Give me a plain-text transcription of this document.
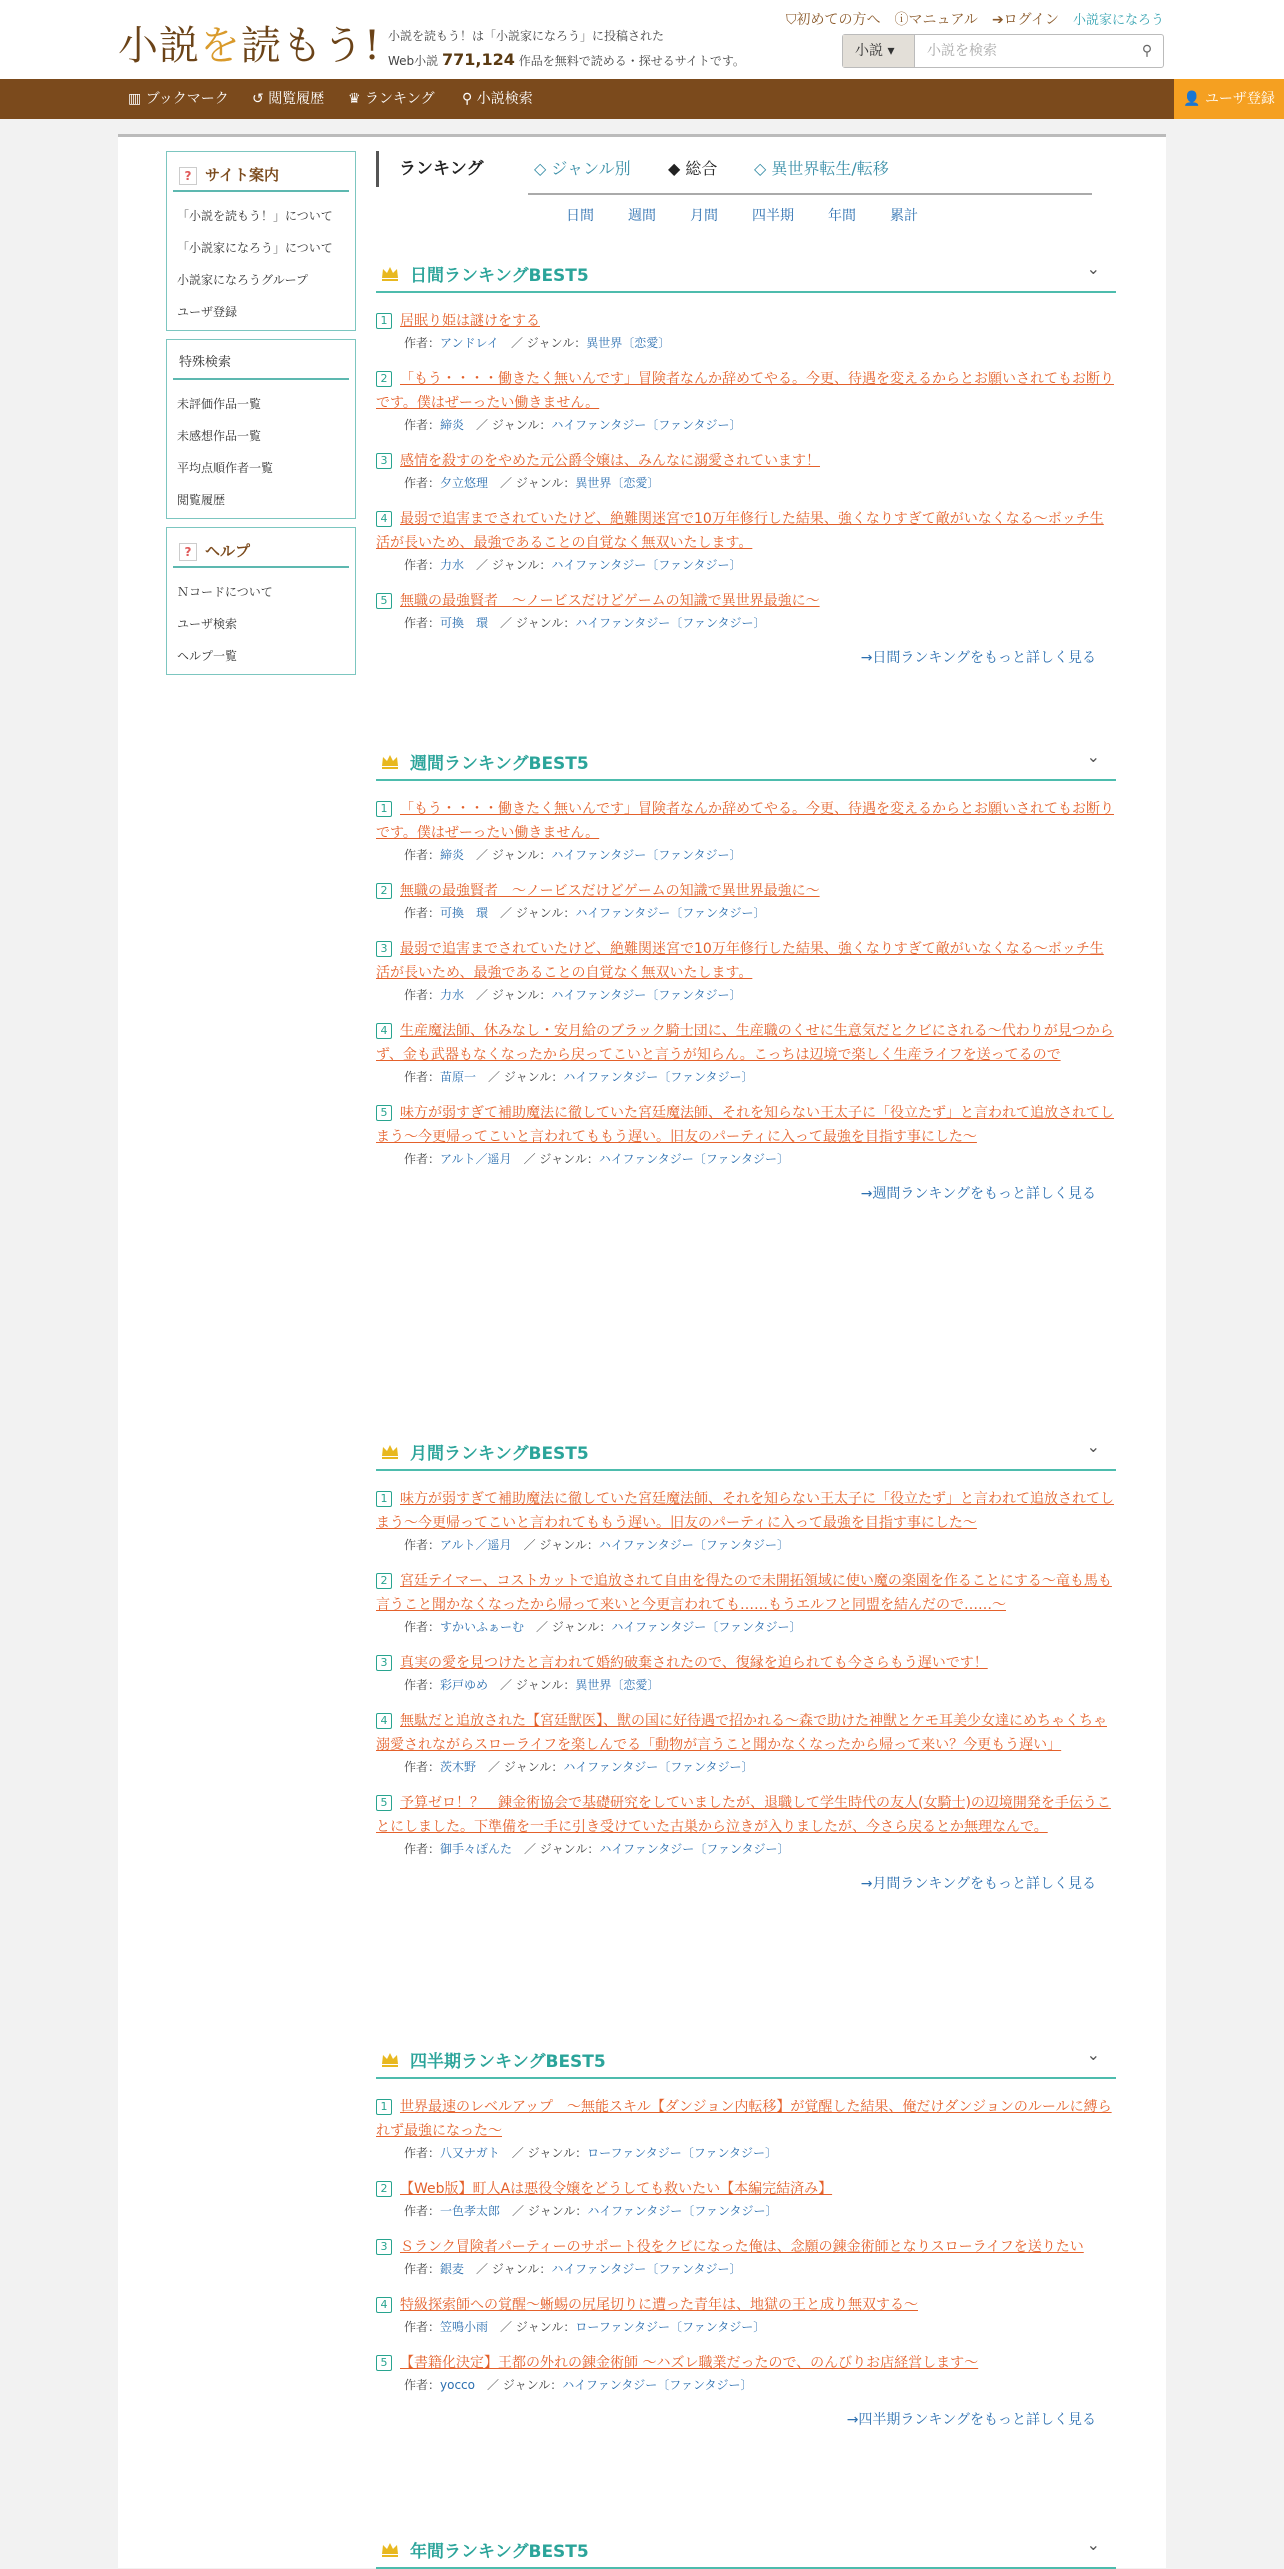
小説を読もう! 小説を読もう！は「小説家になろう」に投稿された
Web小説 771,124 作品を無料で読める・探せるサイトです。
⛉初めての方へ ⓘマニュアル ➔ログイン 小説家になろう
小説 ▾	小説を検索	⚲
▥ ブックマーク ↺ 閲覧履歴 ♛ ランキング ⚲ 小説検索	👤 ユーザ登録
? サイト案内
「小説を読もう！」について
「小説家になろう」について
小説家になろうグループ
ユーザ登録
特殊検索
未評価作品一覧
未感想作品一覧
平均点順作者一覧
閲覧履歴
? ヘルプ
Ｎコードについて
ユーザ検索
ヘルプ一覧
ランキング	◇ ジャンル別 ◆ 総合 ◇ 異世界転生/転移
日間 週間 月間 四半期 年間 累計
日間ランキングBEST5	⌄
1 居眠り姫は謎けをする
作者：アンドレイ　 ／ ジャンル：異世界〔恋愛〕
2 「もう・・・・働きたく無いんです」冒険者なんか辞めてやる。今更、待遇を変えるからとお願いされてもお断りです。僕はぜーったい働きません。
作者：締炎　 ／ ジャンル：ハイファンタジー〔ファンタジー〕
3 感情を殺すのをやめた元公爵令嬢は、みんなに溺愛されています！
作者：夕立悠理　 ／ ジャンル：異世界〔恋愛〕
4 最弱で追害までされていたけど、絶難関迷宮で10万年修行した結果、強くなりすぎて敵がいなくなる～ボッチ生活が長いため、最強であることの自覚なく無双いたします。
作者：力水　 ／ ジャンル：ハイファンタジー〔ファンタジー〕
5 無職の最強賢者　～ノービスだけどゲームの知識で異世界最強に～
作者：可換　環　 ／ ジャンル：ハイファンタジー〔ファンタジー〕
→日間ランキングをもっと詳しく見る
週間ランキングBEST5	⌄
1 「もう・・・・働きたく無いんです」冒険者なんか辞めてやる。今更、待遇を変えるからとお願いされてもお断りです。僕はぜーったい働きません。
作者：締炎　 ／ ジャンル：ハイファンタジー〔ファンタジー〕
2 無職の最強賢者　～ノービスだけどゲームの知識で異世界最強に～
作者：可換　環　 ／ ジャンル：ハイファンタジー〔ファンタジー〕
3 最弱で追害までされていたけど、絶難関迷宮で10万年修行した結果、強くなりすぎて敵がいなくなる～ボッチ生活が長いため、最強であることの自覚なく無双いたします。
作者：力水　 ／ ジャンル：ハイファンタジー〔ファンタジー〕
4 生産魔法師、休みなし・安月給のブラック騎士団に、生産職のくせに生意気だとクビにされる～代わりが見つからず、金も武器もなくなったから戻ってこいと言うが知らん。こっちは辺境で楽しく生産ライフを送ってるので
作者：苗原一　 ／ ジャンル：ハイファンタジー〔ファンタジー〕
5 味方が弱すぎて補助魔法に徹していた宮廷魔法師、それを知らない王太子に「役立たず」と言われて追放されてしまう～今更帰ってこいと言われてももう遅い。旧友のパーティに入って最強を目指す事にした～
作者：アルト／遥月　 ／ ジャンル：ハイファンタジー〔ファンタジー〕
→週間ランキングをもっと詳しく見る
月間ランキングBEST5	⌄
1 味方が弱すぎて補助魔法に徹していた宮廷魔法師、それを知らない王太子に「役立たず」と言われて追放されてしまう～今更帰ってこいと言われてももう遅い。旧友のパーティに入って最強を目指す事にした～
作者：アルト／遥月　 ／ ジャンル：ハイファンタジー〔ファンタジー〕
2 宮廷テイマー、コストカットで追放されて自由を得たので未開拓領域に使い魔の楽園を作ることにする～竜も馬も言うこと聞かなくなったから帰って来いと今更言われても……もうエルフと同盟を結んだので……～
作者：すかいふぁーむ　 ／ ジャンル：ハイファンタジー〔ファンタジー〕
3 真実の愛を見つけたと言われて婚約破棄されたので、復縁を迫られても今さらもう遅いです！
作者：彩戸ゆめ　 ／ ジャンル：異世界〔恋愛〕
4 無駄だと追放された【宮廷獣医】、獣の国に好待遇で招かれる～森で助けた神獣とケモ耳美少女達にめちゃくちゃ溺愛されながらスローライフを楽しんでる「動物が言うこと聞かなくなったから帰って来い？今更もう遅い」
作者：茨木野　 ／ ジャンル：ハイファンタジー〔ファンタジー〕
5 予算ゼロ！？　錬金術協会で基礎研究をしていましたが、退職して学生時代の友人(女騎士)の辺境開発を手伝うことにしました。下準備を一手に引き受けていた古巣から泣きが入りましたが、今さら戻るとか無理なんで。
作者：御手々ぽんた　 ／ ジャンル：ハイファンタジー〔ファンタジー〕
→月間ランキングをもっと詳しく見る
四半期ランキングBEST5	⌄
1 世界最速のレベルアップ　～無能スキル【ダンジョン内転移】が覚醒した結果、俺だけダンジョンのルールに縛られず最強になった～
作者：八又ナガト　 ／ ジャンル：ローファンタジー〔ファンタジー〕
2 【Web版】町人Aは悪役令嬢をどうしても救いたい【本編完結済み】
作者：一色孝太郎　 ／ ジャンル：ハイファンタジー〔ファンタジー〕
3 Ｓランク冒険者パーティーのサポート役をクビになった俺は、念願の錬金術師となりスローライフを送りたい
作者：銀麦　 ／ ジャンル：ハイファンタジー〔ファンタジー〕
4 特級探索師への覚醒～蜥蜴の尻尾切りに遭った青年は、地獄の王と成り無双する～
作者：笠鳴小雨　 ／ ジャンル：ローファンタジー〔ファンタジー〕
5 【書籍化決定】王都の外れの錬金術師 ～ハズレ職業だったので、のんびりお店経営します～
作者：yocco　 ／ ジャンル：ハイファンタジー〔ファンタジー〕
→四半期ランキングをもっと詳しく見る
年間ランキングBEST5	⌄
